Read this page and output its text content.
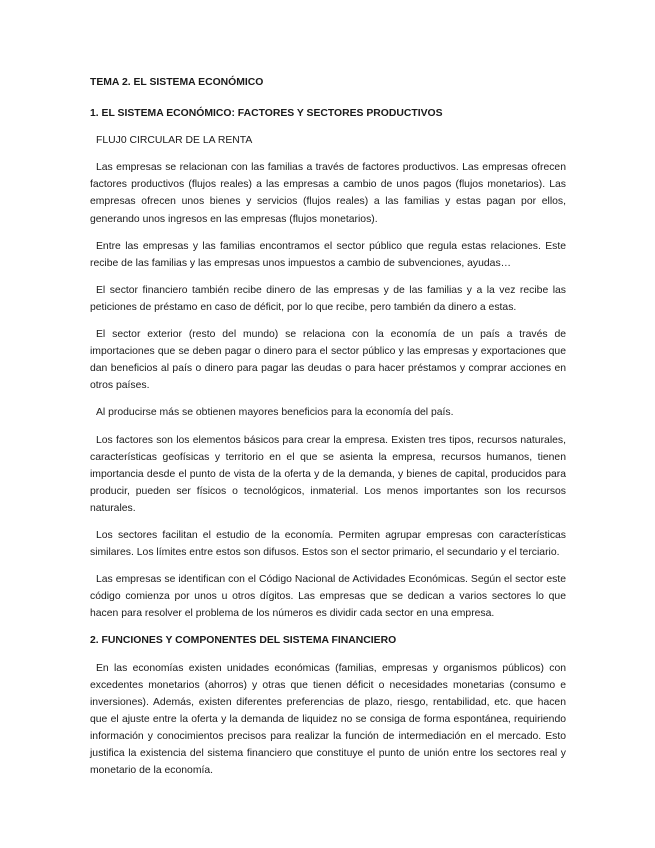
TEMA 2. EL SISTEMA ECONÓMICO
1. EL SISTEMA ECONÓMICO: FACTORES Y SECTORES PRODUCTIVOS
FLUJ0 CIRCULAR DE LA RENTA

Las empresas se relacionan con las familias a través de factores productivos. Las empresas ofrecen factores productivos (flujos reales) a las empresas a cambio de unos pagos (flujos monetarios). Las empresas ofrecen unos bienes y servicios (flujos reales) a las familias y estas pagan por ellos, generando unos ingresos en las empresas (flujos monetarios).

Entre las empresas y las familias encontramos el sector público que regula estas relaciones. Este recibe de las familias y las empresas unos impuestos a cambio de subvenciones, ayudas…

El sector financiero también recibe dinero de las empresas y de las familias y a la vez recibe las peticiones de préstamo en caso de déficit, por lo que recibe, pero también da dinero a estas.

El sector exterior (resto del mundo) se relaciona con la economía de un país a través de importaciones que se deben pagar o dinero para el sector público y las empresas y exportaciones que dan beneficios al país o dinero para pagar las deudas o para hacer préstamos y comprar acciones en otros países.

Al producirse más se obtienen mayores beneficios para la economía del país.

Los factores son los elementos básicos para crear la empresa. Existen tres tipos, recursos naturales, características geofísicas y territorio en el que se asienta la empresa, recursos humanos, tienen importancia desde el punto de vista de la oferta y de la demanda, y bienes de capital, producidos para producir, pueden ser físicos o tecnológicos, inmaterial. Los menos importantes son los recursos naturales.

Los sectores facilitan el estudio de la economía. Permiten agrupar empresas con características similares. Los límites entre estos son difusos. Estos son el sector primario, el secundario y el terciario.

Las empresas se identifican con el Código Nacional de Actividades Económicas. Según el sector este código comienza por unos u otros dígitos. Las empresas que se dedican a varios sectores lo que hacen para resolver el problema de los números es dividir cada sector en una empresa.

2. FUNCIONES Y COMPONENTES DEL SISTEMA FINANCIERO

En las economías existen unidades económicas (familias, empresas y organismos públicos) con excedentes monetarios (ahorros) y otras que tienen déficit o necesidades monetarias (consumo e inversiones). Además, existen diferentes preferencias de plazo, riesgo, rentabilidad, etc. que hacen que el ajuste entre la oferta y la demanda de liquidez no se consiga de forma espontánea, requiriendo información y conocimientos precisos para realizar la función de intermediación en el mercado. Esto justifica la existencia del sistema financiero que constituye el punto de unión entre los sectores real y monetario de la economía.
